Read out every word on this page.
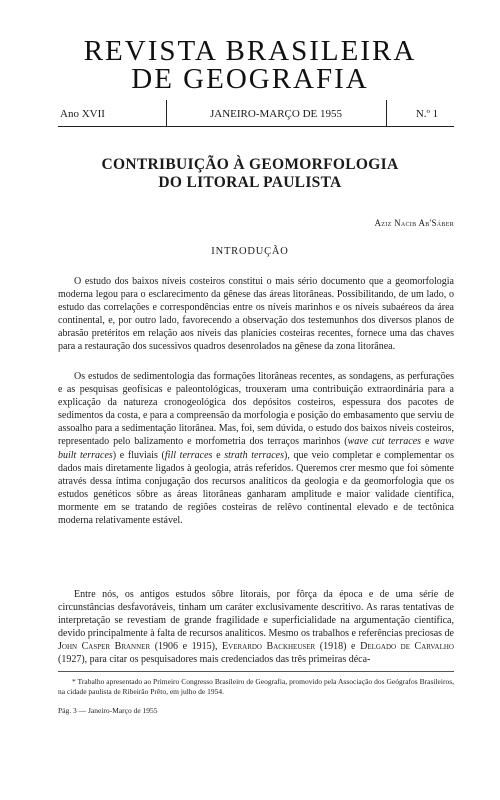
REVISTA BRASILEIRA
DE GEOGRAFIA
Ano XVII	JANEIRO-MARÇO DE 1955	N.º 1
CONTRIBUIÇÃO À GEOMORFOLOGIA
DO LITORAL PAULISTA
Aziz Nacib Ab'Sáber
INTRODUÇÃO

O estudo dos baixos níveis costeiros constitui o mais sério documento que a geomorfologia moderna legou para o esclarecimento da gênese das áreas litorâneas. Possibilitando, de um lado, o estudo das correlações e correspondências entre os níveis marinhos e os níveis subaéreos da área continental, e, por outro lado, favorecendo a observação dos testemunhos dos diversos planos de abrasão pretéritos em relação aos níveis das planícies costeiras recentes, fornece uma das chaves para a restauração dos sucessivos quadros desenrolados na gênese da zona litorânea.

Os estudos de sedimentologia das formações litorâneas recentes, as sondagens, as perfurações e as pesquisas geofísicas e paleontológicas, trouxeram uma contribuição extraordinária para a explicação da natureza cronogeológica dos depósitos costeiros, espessura dos pacotes de sedimentos da costa, e para a compreensão da morfologia e posição do embasamento que serviu de assoalho para a sedimentação litorânea. Mas, foi, sem dúvida, o estudo dos baixos níveis costeiros, representado pelo balizamento e morfometria dos terraços marinhos (wave cut terraces e wave built terraces) e fluviais (fill terraces e strath terraces), que veio completar e complementar os dados mais diretamente ligados à geologia, atrás referidos. Queremos crer mesmo que foi sòmente através dessa íntima conjugação dos recursos analíticos da geologia e da geomorfologia que os estudos genéticos sôbre as áreas litorâneas ganharam amplitude e maior validade científica, mormente em se tratando de regiões costeiras de relêvo continental elevado e de tectônica moderna relativamente estável.

Entre nós, os antigos estudos sôbre litorais, por fôrça da época e de uma série de circunstâncias desfavoráveis, tinham um caráter exclusivamente descritivo. As raras tentativas de interpretação se revestiam de grande fragilidade e superficialidade na argumentação científica, devido principalmente à falta de recursos analíticos. Mesmo os trabalhos e referências preciosas de John Casper Branner (1906 e 1915), Everardo Backheuser (1918) e Delgado de Carvalho (1927), para citar os pesquisadores mais credenciados das três primeiras déca-

* Trabalho apresentado ao Primeiro Congresso Brasileiro de Geografia, promovido pela Associação dos Geógrafos Brasileiros, na cidade paulista de Ribeirão Prêto, em julho de 1954.

Pág. 3 — Janeiro-Março de 1955
